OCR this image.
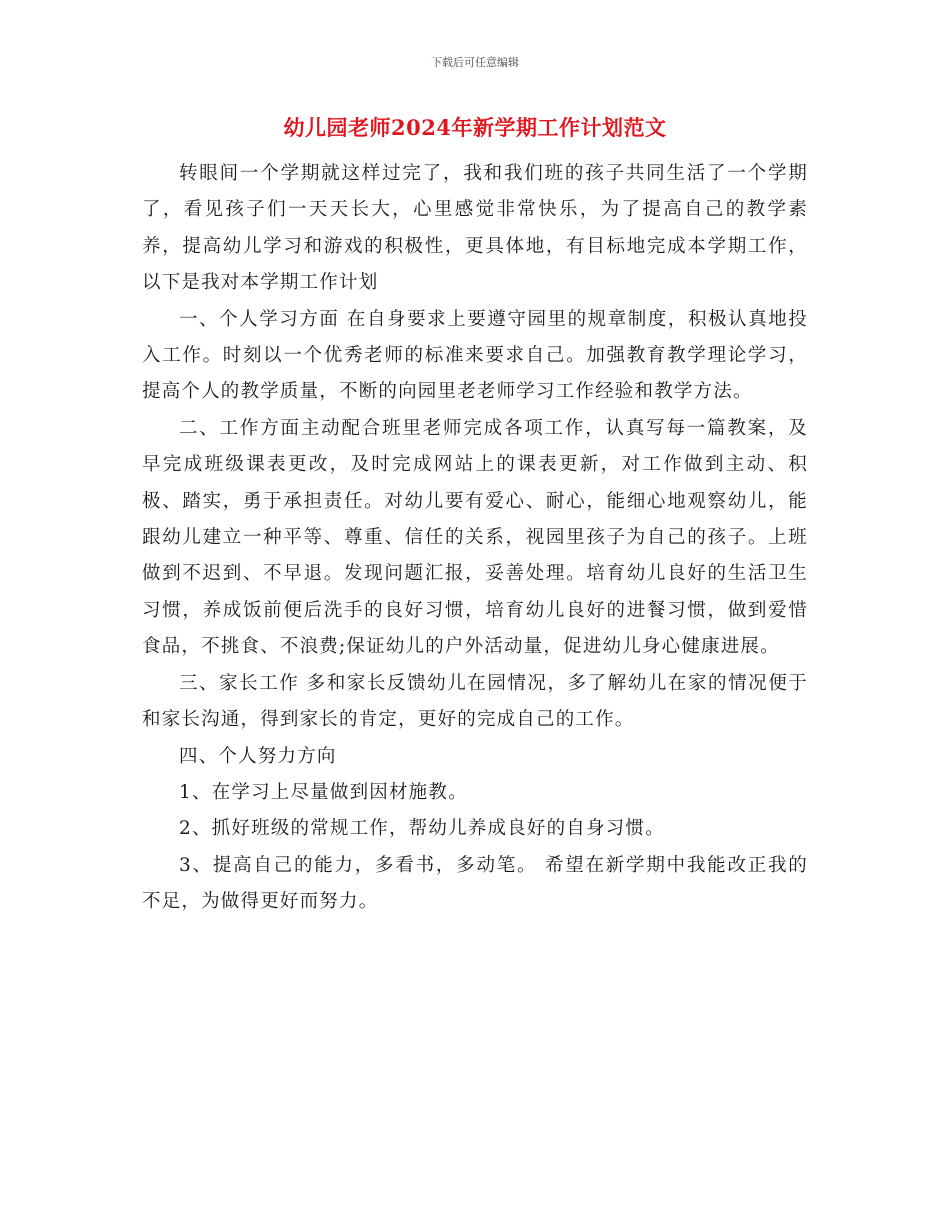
下载后可任意编辑
幼儿园老师2024年新学期工作计划范文

转眼间一个学期就这样过完了，我和我们班的孩子共同生活了一个学期了，看见孩子们一天天长大，心里感觉非常快乐，为了提高自己的教学素养，提高幼儿学习和游戏的积极性，更具体地，有目标地完成本学期工作，以下是我对本学期工作计划

一、个人学习方面 在自身要求上要遵守园里的规章制度，积极认真地投入工作。时刻以一个优秀老师的标准来要求自己。加强教育教学理论学习，提高个人的教学质量，不断的向园里老老师学习工作经验和教学方法。

二、工作方面主动配合班里老师完成各项工作，认真写每一篇教案，及早完成班级课表更改，及时完成网站上的课表更新，对工作做到主动、积极、踏实，勇于承担责任。对幼儿要有爱心、耐心，能细心地观察幼儿，能跟幼儿建立一种平等、尊重、信任的关系，视园里孩子为自己的孩子。上班做到不迟到、不早退。发现问题汇报，妥善处理。培育幼儿良好的生活卫生习惯，养成饭前便后洗手的良好习惯，培育幼儿良好的进餐习惯，做到爱惜食品，不挑食、不浪费;保证幼儿的户外活动量，促进幼儿身心健康进展。

三、家长工作 多和家长反馈幼儿在园情况，多了解幼儿在家的情况便于和家长沟通，得到家长的肯定，更好的完成自己的工作。

四、个人努力方向

1、在学习上尽量做到因材施教。

2、抓好班级的常规工作，帮幼儿养成良好的自身习惯。

3、提高自己的能力，多看书，多动笔。 希望在新学期中我能改正我的不足，为做得更好而努力。
